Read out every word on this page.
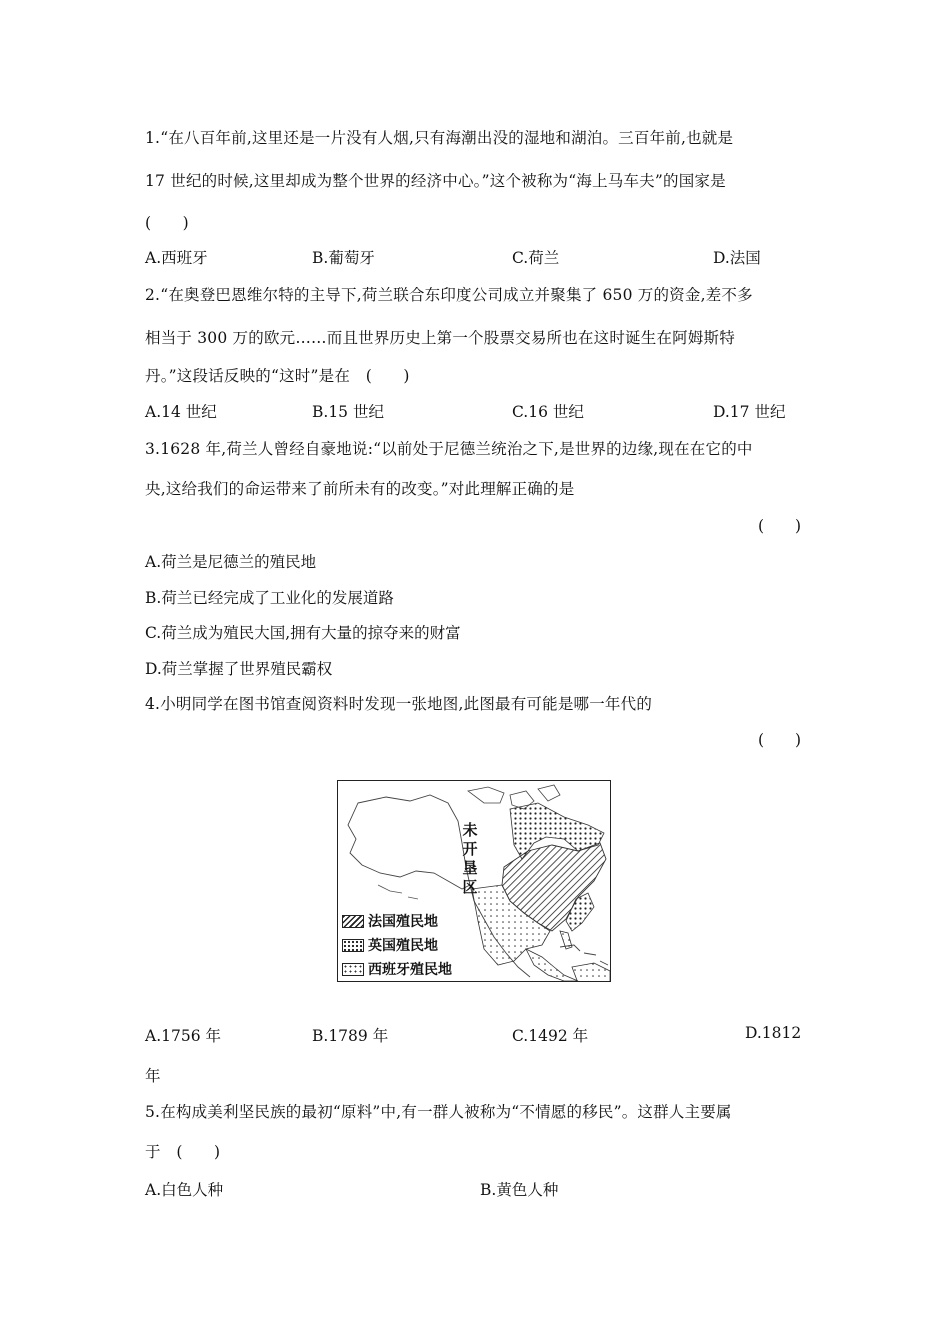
1.“在八百年前,这里还是一片没有人烟,只有海潮出没的湿地和湖泊。三百年前,也就是
17 世纪的时候,这里却成为整个世界的经济中心。”这个被称为“海上马车夫”的国家是
(　　)
A.西班牙	B.葡萄牙	C.荷兰	D.法国
2.“在奥登巴恩维尔特的主导下,荷兰联合东印度公司成立并聚集了 650 万的资金,差不多
相当于 300 万的欧元……而且世界历史上第一个股票交易所也在这时诞生在阿姆斯特
丹。”这段话反映的“这时”是在　(　　)
A.14 世纪	B.15 世纪	C.16 世纪	D.17 世纪
3.1628 年,荷兰人曾经自豪地说:“以前处于尼德兰统治之下,是世界的边缘,现在在它的中
央,这给我们的命运带来了前所未有的改变。”对此理解正确的是
(　　)
A.荷兰是尼德兰的殖民地
B.荷兰已经完成了工业化的发展道路
C.荷兰成为殖民大国,拥有大量的掠夺来的财富
D.荷兰掌握了世界殖民霸权
4.小明同学在图书馆查阅资料时发现一张地图,此图最有可能是哪一年代的
(　　)
未开垦区
法国殖民地
英国殖民地
西班牙殖民地
A.1756 年	B.1789 年	C.1492 年	D.1812
年
5.在构成美利坚民族的最初“原料”中,有一群人被称为“不情愿的移民”。这群人主要属
于　(　　)
A.白色人种	B.黄色人种
